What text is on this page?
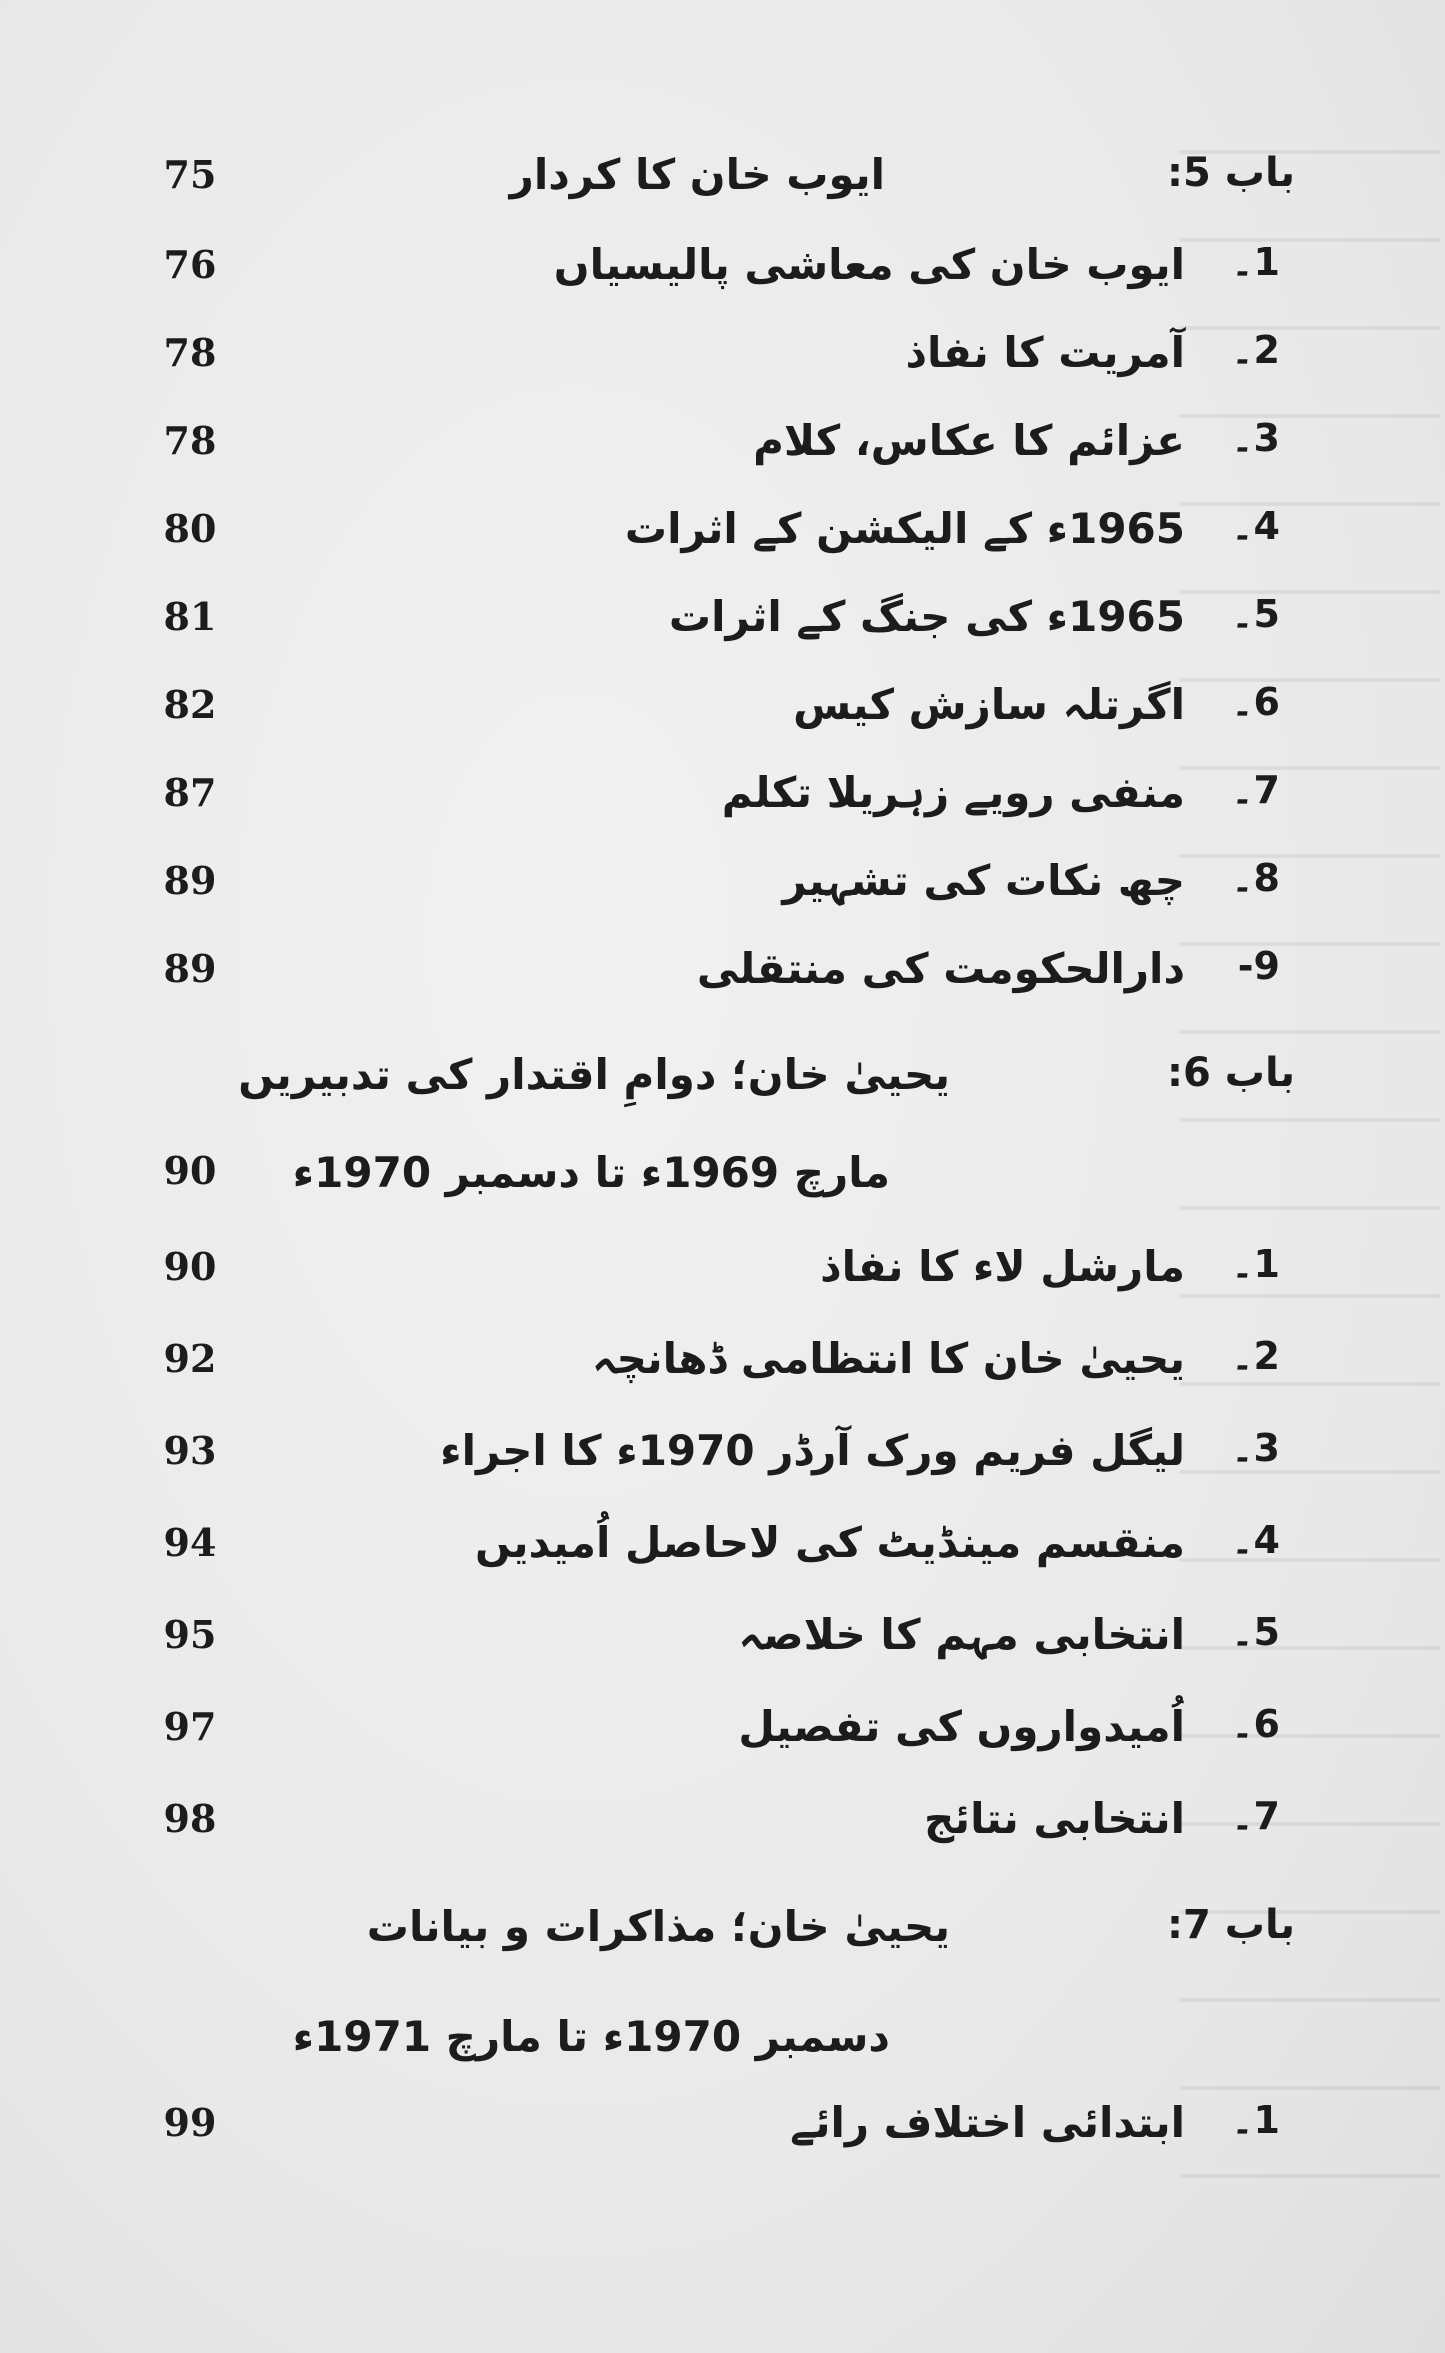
باب 5:
ایوب خان کا کردار
75
1۔
ایوب خان کی معاشی پالیسیاں
76
2۔
آمریت کا نفاذ
78
3۔
عزائم کا عکاس، کلام
78
4۔
1965ء کے الیکشن کے اثرات
80
5۔
1965ء کی جنگ کے اثرات
81
6۔
اگرتلہ سازش کیس
82
7۔
منفی رویے زہریلا تکلم
87
8۔
چھ نکات کی تشہیر
89
9-
دارالحکومت کی منتقلی
89
باب 6:
یحییٰ خان؛ دوامِ اقتدار کی تدبیریں
مارچ 1969ء تا دسمبر 1970ء
90
1۔
مارشل لاء کا نفاذ
90
2۔
یحییٰ خان کا انتظامی ڈھانچہ
92
3۔
لیگل فریم ورک آرڈر 1970ء کا اجراء
93
4۔
منقسم مینڈیٹ کی لاحاصل اُمیدیں
94
5۔
انتخابی مہم کا خلاصہ
95
6۔
اُمیدواروں کی تفصیل
97
7۔
انتخابی نتائج
98
باب 7:
یحییٰ خان؛ مذاکرات و بیانات
دسمبر 1970ء تا مارچ 1971ء
1۔
ابتدائی اختلاف رائے
99
